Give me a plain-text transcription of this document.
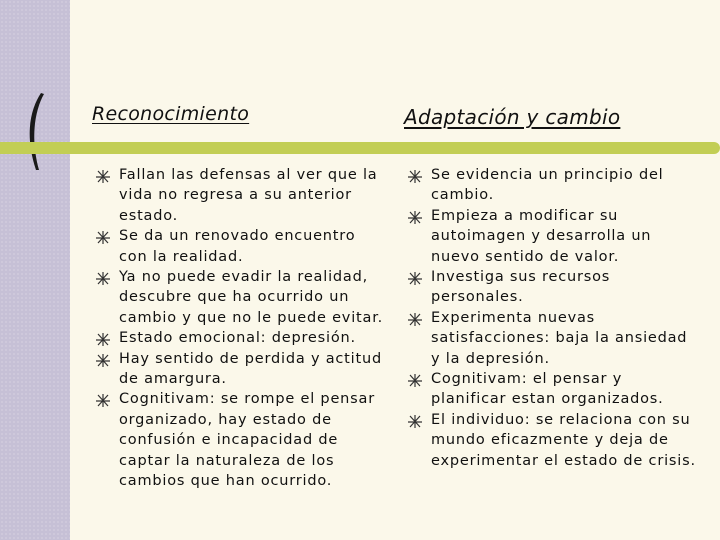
Reconocimiento	Adaptación y cambio
Fallan las defensas al ver que la vida no regresa a su anterior estado.
Se da un renovado encuentro con la realidad.
Ya no puede evadir la realidad, descubre que ha ocurrido un cambio y que no le puede evitar.
Estado emocional: depresión.
Hay sentido de perdida y actitud de amargura.
Cognitivam: se rompe el pensar organizado, hay estado de confusión e incapacidad de captar la naturaleza de los cambios que han ocurrido.
Se evidencia un principio del cambio.
Empieza a modificar su autoimagen y desarrolla un nuevo sentido de valor.
Investiga sus recursos personales.
Experimenta nuevas satisfacciones: baja la ansiedad y la depresión.
Cognitivam: el pensar y planificar estan organizados.
El individuo: se relaciona con su mundo eficazmente y deja de experimentar el estado de crisis.
